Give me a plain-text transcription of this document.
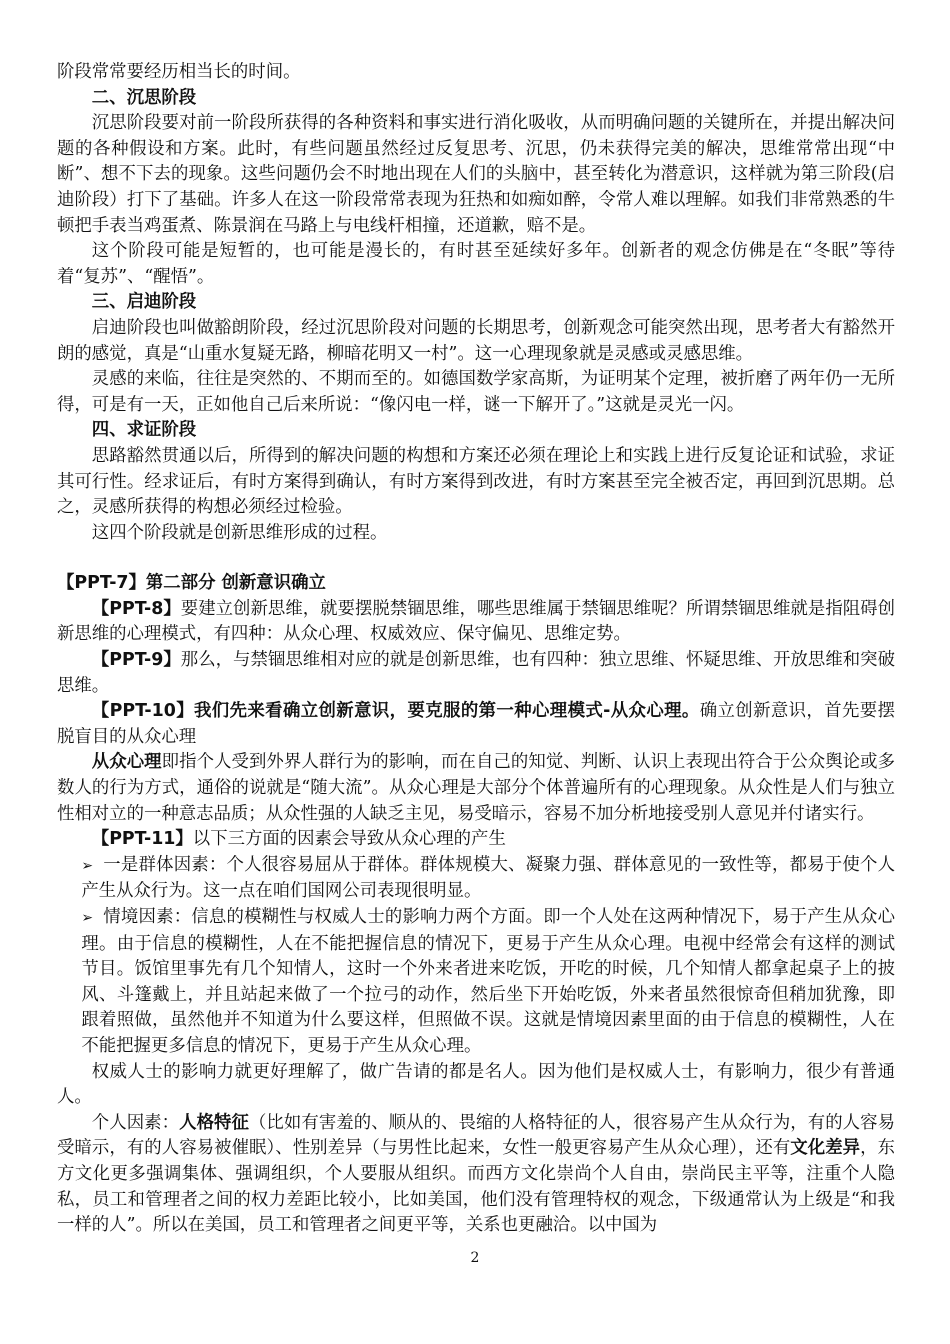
阶段常常要经历相当长的时间。

二、沉思阶段

沉思阶段要对前一阶段所获得的各种资料和事实进行消化吸收，从而明确问题的关键所在，并提出解决问题的各种假设和方案。此时，有些问题虽然经过反复思考、沉思，仍未获得完美的解决，思维常常出现“中断”、想不下去的现象。这些问题仍会不时地出现在人们的头脑中，甚至转化为潜意识，这样就为第三阶段(启迪阶段）打下了基础。许多人在这一阶段常常表现为狂热和如痴如醉，令常人难以理解。如我们非常熟悉的牛顿把手表当鸡蛋煮、陈景润在马路上与电线杆相撞，还道歉，赔不是。

这个阶段可能是短暂的，也可能是漫长的，有时甚至延续好多年。创新者的观念仿佛是在“冬眠”等待着“复苏”、“醒悟”。

三、启迪阶段

启迪阶段也叫做豁朗阶段，经过沉思阶段对问题的长期思考，创新观念可能突然出现，思考者大有豁然开朗的感觉，真是“山重水复疑无路，柳暗花明又一村”。这一心理现象就是灵感或灵感思维。

灵感的来临，往往是突然的、不期而至的。如德国数学家高斯，为证明某个定理，被折磨了两年仍一无所得，可是有一天，正如他自己后来所说：“像闪电一样，谜一下解开了。”这就是灵光一闪。

四、求证阶段

思路豁然贯通以后，所得到的解决问题的构想和方案还必须在理论上和实践上进行反复论证和试验，求证其可行性。经求证后，有时方案得到确认，有时方案得到改进，有时方案甚至完全被否定，再回到沉思期。总之，灵感所获得的构想必须经过检验。

这四个阶段就是创新思维形成的过程。

【PPT-7】第二部分 创新意识确立

【PPT-8】要建立创新思维，就要摆脱禁锢思维，哪些思维属于禁锢思维呢？所谓禁锢思维就是指阻碍创新思维的心理模式，有四种：从众心理、权威效应、保守偏见、思维定势。

【PPT-9】那么，与禁锢思维相对应的就是创新思维，也有四种：独立思维、怀疑思维、开放思维和突破思维。

【PPT-10】我们先来看确立创新意识，要克服的第一种心理模式-从众心理。确立创新意识，首先要摆脱盲目的从众心理

从众心理即指个人受到外界人群行为的影响，而在自己的知觉、判断、认识上表现出符合于公众舆论或多数人的行为方式，通俗的说就是“随大流”。从众心理是大部分个体普遍所有的心理现象。从众性是人们与独立性相对立的一种意志品质；从众性强的人缺乏主见，易受暗示，容易不加分析地接受别人意见并付诸实行。

【PPT-11】以下三方面的因素会导致从众心理的产生

➢ 一是群体因素：个人很容易屈从于群体。群体规模大、凝聚力强、群体意见的一致性等，都易于使个人产生从众行为。这一点在咱们国网公司表现很明显。

➢ 情境因素：信息的模糊性与权威人士的影响力两个方面。即一个人处在这两种情况下，易于产生从众心理。由于信息的模糊性，人在不能把握信息的情况下，更易于产生从众心理。电视中经常会有这样的测试节目。饭馆里事先有几个知情人，这时一个外来者进来吃饭，开吃的时候，几个知情人都拿起桌子上的披风、斗篷戴上，并且站起来做了一个拉弓的动作，然后坐下开始吃饭，外来者虽然很惊奇但稍加犹豫，即跟着照做，虽然他并不知道为什么要这样，但照做不误。这就是情境因素里面的由于信息的模糊性，人在不能把握更多信息的情况下，更易于产生从众心理。

权威人士的影响力就更好理解了，做广告请的都是名人。因为他们是权威人士，有影响力，很少有普通人。

个人因素：人格特征（比如有害羞的、顺从的、畏缩的人格特征的人，很容易产生从众行为，有的人容易受暗示，有的人容易被催眠）、性别差异（与男性比起来，女性一般更容易产生从众心理），还有文化差异，东方文化更多强调集体、强调组织，个人要服从组织。而西方文化崇尚个人自由，崇尚民主平等，注重个人隐私，员工和管理者之间的权力差距比较小，比如美国，他们没有管理特权的观念，下级通常认为上级是“和我一样的人”。所以在美国，员工和管理者之间更平等，关系也更融洽。以中国为

2
